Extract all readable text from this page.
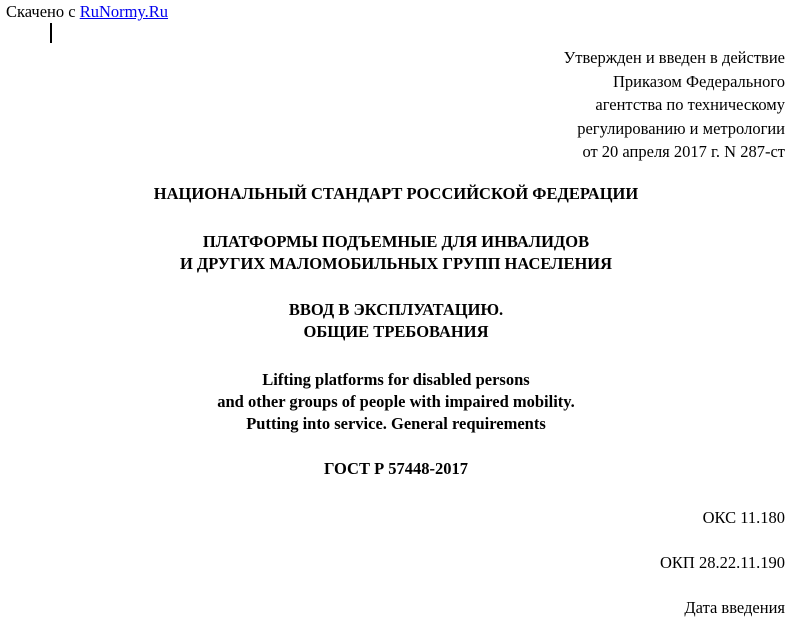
Скачено с RuNormy.Ru
Утвержден и введен в действие
Приказом Федерального
агентства по техническому
регулированию и метрологии
от 20 апреля 2017 г. N 287-ст
НАЦИОНАЛЬНЫЙ СТАНДАРТ РОССИЙСКОЙ ФЕДЕРАЦИИ
ПЛАТФОРМЫ ПОДЪЕМНЫЕ ДЛЯ ИНВАЛИДОВ
И ДРУГИХ МАЛОМОБИЛЬНЫХ ГРУПП НАСЕЛЕНИЯ
ВВОД В ЭКСПЛУАТАЦИЮ.
ОБЩИЕ ТРЕБОВАНИЯ
Lifting platforms for disabled persons
and other groups of people with impaired mobility.
Putting into service. General requirements
ГОСТ Р 57448-2017
ОКС 11.180
ОКП 28.22.11.190
Дата введения
